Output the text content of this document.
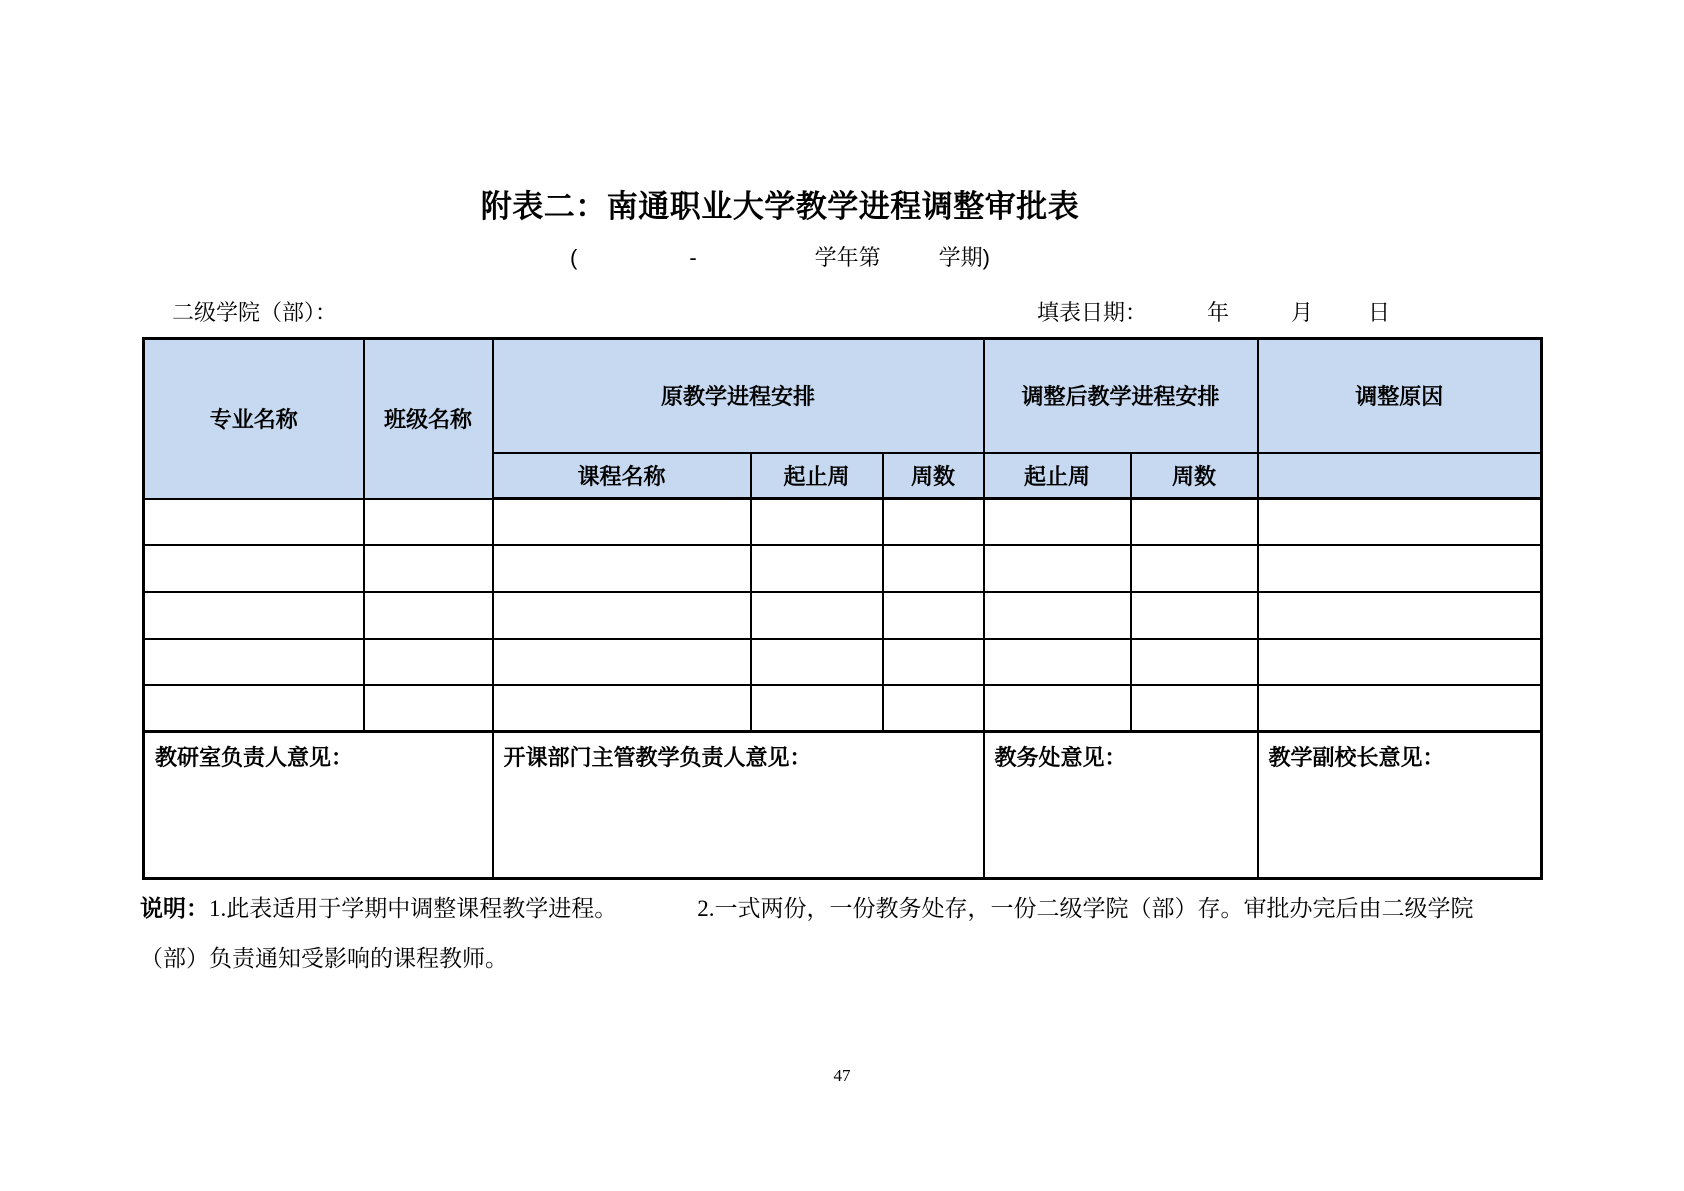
附表二：南通职业大学教学进程调整审批表
(	-	学年第	学期)
二级学院（部）：	填表日期：	年	月	日
专业名称	班级名称	原教学进程安排			调整后教学进程安排		调整原因
		课程名称	起止周	周数	起止周	周数	

教研室负责人意见：		开课部门主管教学负责人意见：			教务处意见：		教学副校长意见：
说明：1.此表适用于学期中调整课程教学进程。	2.一式两份，一份教务处存，一份二级学院（部）存。审批办完后由二级学院
（部）负责通知受影响的课程教师。
47
